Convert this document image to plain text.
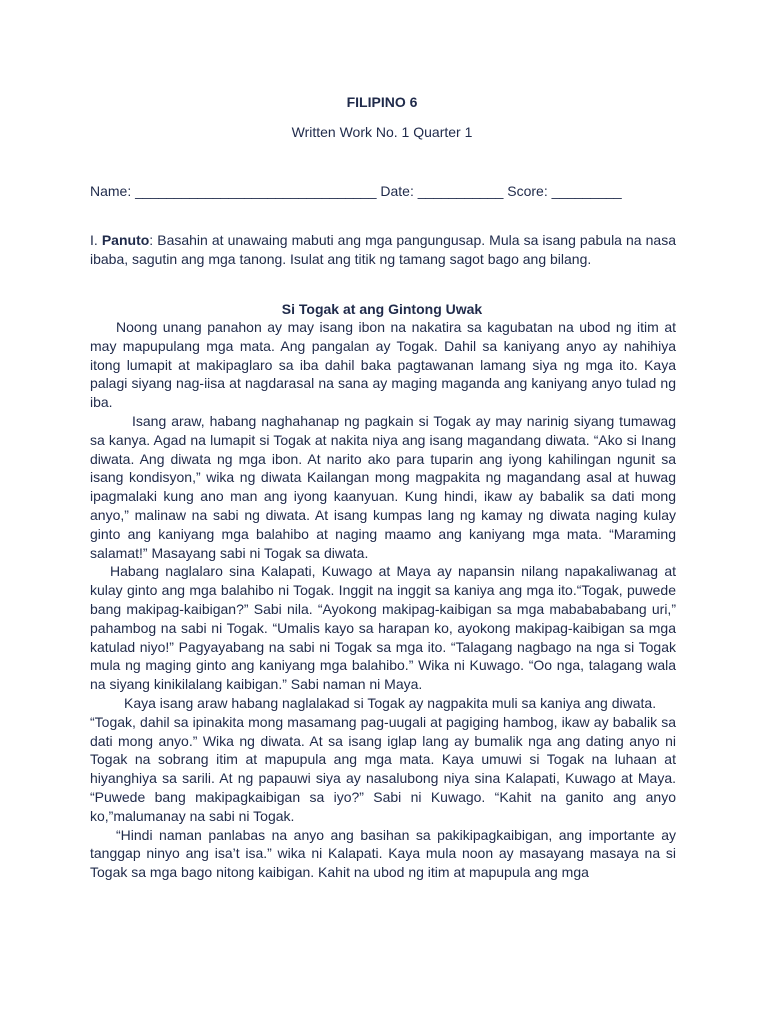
FILIPINO 6
Written Work No. 1 Quarter 1
Name: _______________________________ Date: ___________ Score: _________
I. Panuto: Basahin at unawaing mabuti ang mga pangungusap. Mula sa isang pabula na nasa ibaba, sagutin ang mga tanong. Isulat ang titik ng tamang sagot bago ang bilang.
Si Togak at ang Gintong Uwak

Noong unang panahon ay may isang ibon na nakatira sa kagubatan na ubod ng itim at may mapupulang mga mata. Ang pangalan ay Togak. Dahil sa kaniyang anyo ay nahihiya itong lumapit at makipaglaro sa iba dahil baka pagtawanan lamang siya ng mga ito. Kaya palagi siyang nag-iisa at nagdarasal na sana ay maging maganda ang kaniyang anyo tulad ng iba.

Isang araw, habang naghahanap ng pagkain si Togak ay may narinig siyang tumawag sa kanya. Agad na lumapit si Togak at nakita niya ang isang magandang diwata. “Ako si Inang diwata. Ang diwata ng mga ibon. At narito ako para tuparin ang iyong kahilingan ngunit sa isang kondisyon,” wika ng diwata Kailangan mong magpakita ng magandang asal at huwag ipagmalaki kung ano man ang iyong kaanyuan. Kung hindi, ikaw ay babalik sa dati mong anyo,” malinaw na sabi ng diwata. At isang kumpas lang ng kamay ng diwata naging kulay ginto ang kaniyang mga balahibo at naging maamo ang kaniyang mga mata. “Maraming salamat!” Masayang sabi ni Togak sa diwata.

Habang naglalaro sina Kalapati, Kuwago at Maya ay napansin nilang napakaliwanag at kulay ginto ang mga balahibo ni Togak. Inggit na inggit sa kaniya ang mga ito.“Togak, puwede bang makipag-kaibigan?” Sabi nila. “Ayokong makipag-kaibigan sa mga mababababang uri,” pahambog na sabi ni Togak. “Umalis kayo sa harapan ko, ayokong makipag-kaibigan sa mga katulad niyo!” Pagyayabang na sabi ni Togak sa mga ito. “Talagang nagbago na nga si Togak mula ng maging ginto ang kaniyang mga balahibo.” Wika ni Kuwago. “Oo nga, talagang wala na siyang kinikilalang kaibigan.” Sabi naman ni Maya.

Kaya isang araw habang naglalakad si Togak ay nagpakita muli sa kaniya ang diwata.

“Togak, dahil sa ipinakita mong masamang pag-uugali at pagiging hambog, ikaw ay babalik sa dati mong anyo.” Wika ng diwata. At sa isang iglap lang ay bumalik nga ang dating anyo ni Togak na sobrang itim at mapupula ang mga mata. Kaya umuwi si Togak na luhaan at hiyanghiya sa sarili. At ng papauwi siya ay nasalubong niya sina Kalapati, Kuwago at Maya. “Puwede bang makipagkaibigan sa iyo?” Sabi ni Kuwago. “Kahit na ganito ang anyo ko,”malumanay na sabi ni Togak.

“Hindi naman panlabas na anyo ang basihan sa pakikipagkaibigan, ang importante ay tanggap ninyo ang isa’t isa.” wika ni Kalapati. Kaya mula noon ay masayang masaya na si Togak sa mga bago nitong kaibigan. Kahit na ubod ng itim at mapupula ang mga
